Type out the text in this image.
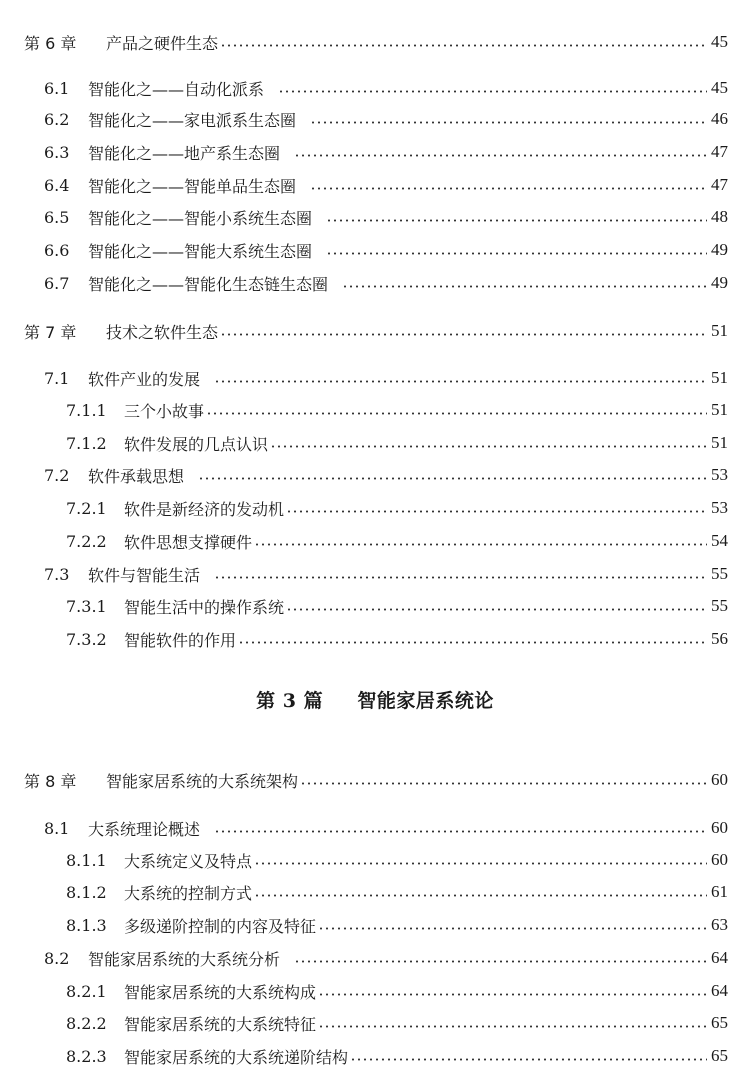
第 6 章	产品之硬件生态	45
6.1	智能化之——自动化派系	45
6.2	智能化之——家电派系生态圈	46
6.3	智能化之——地产系生态圈	47
6.4	智能化之——智能单品生态圈	47
6.5	智能化之——智能小系统生态圈	48
6.6	智能化之——智能大系统生态圈	49
6.7	智能化之——智能化生态链生态圈	49
第 7 章	技术之软件生态	51
7.1	软件产业的发展	51
7.1.1	三个小故事	51
7.1.2	软件发展的几点认识	51
7.2	软件承载思想	53
7.2.1	软件是新经济的发动机	53
7.2.2	软件思想支撑硬件	54
7.3	软件与智能生活	55
7.3.1	智能生活中的操作系统	55
7.3.2	智能软件的作用	56
第 3 篇 智能家居系统论
第 8 章	智能家居系统的大系统架构	60
8.1	大系统理论概述	60
8.1.1	大系统定义及特点	60
8.1.2	大系统的控制方式	61
8.1.3	多级递阶控制的内容及特征	63
8.2	智能家居系统的大系统分析	64
8.2.1	智能家居系统的大系统构成	64
8.2.2	智能家居系统的大系统特征	65
8.2.3	智能家居系统的大系统递阶结构	65
